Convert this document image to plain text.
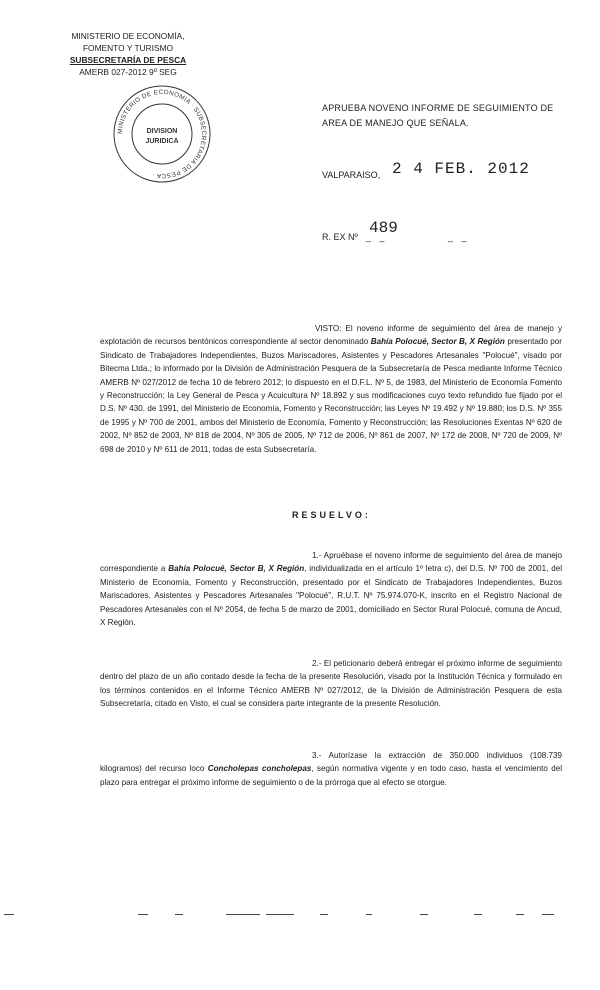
MINISTERIO DE ECONOMÍA,
FOMENTO Y TURISMO
SUBSECRETARÍA DE PESCA
AMERB 027-2012 9º SEG
MINISTERIO DE ECONOMIA · SUBSECRETARIA DE PESCA ·
DIVISION
JURIDICA
APRUEBA NOVENO INFORME DE SEGUIMIENTO DE AREA DE MANEJO QUE SEÑALA.
VALPARAISO, 2 4 FEB. 2012
R. EX Nº  _ _           _ _
489
VISTO: El noveno informe de seguimiento del área de manejo y explotación de recursos bentónicos correspondiente al sector denominado Bahía Polocué, Sector B, X Región presentado por Sindicato de Trabajadores Independientes, Buzos Mariscadores, Asistentes y Pescadores Artesanales "Polocué", visado por Bitecma Ltda.; lo informado por la División de Administración Pesquera de la Subsecretaría de Pesca mediante Informe Técnico AMERB Nº 027/2012 de fecha 10 de febrero 2012; lo dispuesto en el D.F.L. Nº 5, de 1983, del Ministerio de Economía Fomento y Reconstrucción; la Ley General de Pesca y Acuicultura Nº 18.892 y sus modificaciones cuyo texto refundido fue fijado por el D.S. Nº 430, de 1991, del Ministerio de Economía, Fomento y Reconstrucción; las Leyes Nº 19.492 y Nº 19.880; los D.S. Nº 355 de 1995 y Nº 700 de 2001, ambos del Ministerio de Economía, Fomento y Reconstrucción; las Resoluciones Exentas Nº 620 de 2002, Nº 852 de 2003, Nº 818 de 2004, Nº 305 de 2005, Nº 712 de 2006, Nº 861 de 2007, Nº 172 de 2008, Nº 720 de 2009, Nº 698 de 2010 y Nº 611 de 2011, todas de esta Subsecretaría.
RESUELVO:
1.- Apruébase el noveno informe de seguimiento del área de manejo correspondiente a Bahía Polocué, Sector B, X Región, individualizada en el artículo 1º letra c), del D.S. Nº 700 de 2001, del Ministerio de Economía, Fomento y Reconstrucción, presentado por el Sindicato de Trabajadores Independientes, Buzos Mariscadores, Asistentes y Pescadores Artesanales "Polocué", R.U.T. Nº 75.974.070-K, inscrito en el Registro Nacional de Pescadores Artesanales con el Nº 2054, de fecha 5 de marzo de 2001, domiciliado en Sector Rural Polocué, comuna de Ancud, X Región.
2.- El peticionario deberá entregar el próximo informe de seguimiento dentro del plazo de un año contado desde la fecha de la presente Resolución, visado por la Institución Técnica y formulado en los términos contenidos en el Informe Técnico AMERB Nº 027/2012, de la División de Administración Pesquera de esta Subsecretaría, citado en Visto, el cual se considera parte integrante de la presente Resolución.
3.- Autorízase la extracción de 350.000 individuos (108.739 kilogramos) del recurso loco Concholepas concholepas, según normativa vigente y en todo caso, hasta el vencimiento del plazo para entregar el próximo informe de seguimiento o de la prórroga que al efecto se otorgue.
